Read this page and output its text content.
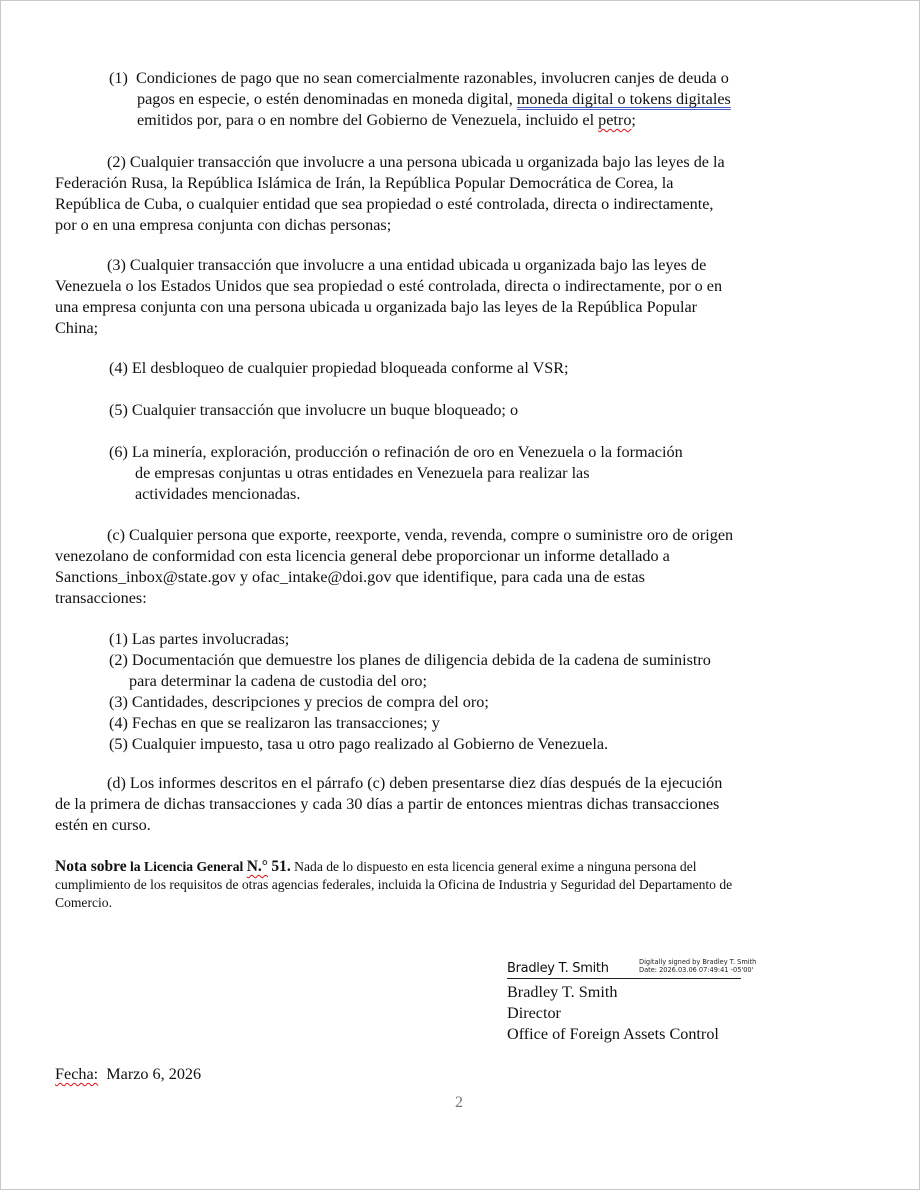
(1) Condiciones de pago que no sean comercialmente razonables, involucren canjes de deuda o
pagos en especie, o estén denominadas en moneda digital, moneda digital o tokens digitales
emitidos por, para o en nombre del Gobierno de Venezuela, incluido el petro;
(2) Cualquier transacción que involucre a una persona ubicada u organizada bajo las leyes de la
Federación Rusa, la República Islámica de Irán, la República Popular Democrática de Corea, la
República de Cuba, o cualquier entidad que sea propiedad o esté controlada, directa o indirectamente,
por o en una empresa conjunta con dichas personas;
(3) Cualquier transacción que involucre a una entidad ubicada u organizada bajo las leyes de
Venezuela o los Estados Unidos que sea propiedad o esté controlada, directa o indirectamente, por o en
una empresa conjunta con una persona ubicada u organizada bajo las leyes de la República Popular
China;
(4) El desbloqueo de cualquier propiedad bloqueada conforme al VSR;
(5) Cualquier transacción que involucre un buque bloqueado; o
(6) La minería, exploración, producción o refinación de oro en Venezuela o la formación
de empresas conjuntas u otras entidades en Venezuela para realizar las
actividades mencionadas.
(c) Cualquier persona que exporte, reexporte, venda, revenda, compre o suministre oro de origen
venezolano de conformidad con esta licencia general debe proporcionar un informe detallado a
Sanctions_inbox@state.gov y ofac_intake@doi.gov que identifique, para cada una de estas
transacciones:
(1) Las partes involucradas;
(2) Documentación que demuestre los planes de diligencia debida de la cadena de suministro
para determinar la cadena de custodia del oro;
(3) Cantidades, descripciones y precios de compra del oro;
(4) Fechas en que se realizaron las transacciones; y
(5) Cualquier impuesto, tasa u otro pago realizado al Gobierno de Venezuela.
(d) Los informes descritos en el párrafo (c) deben presentarse diez días después de la ejecución
de la primera de dichas transacciones y cada 30 días a partir de entonces mientras dichas transacciones
estén en curso.
Nota sobre la Licencia General N.° 51. Nada de lo dispuesto en esta licencia general exime a ninguna persona del
cumplimiento de los requisitos de otras agencias federales, incluida la Oficina de Industria y Seguridad del Departamento de
Comercio.
Bradley T. Smith	Digitally signed by Bradley T. Smith
Date: 2026.03.06 07:49:41 -05'00'
Bradley T. Smith
Director
Office of Foreign Assets Control
Fecha: Marzo 6, 2026
2
